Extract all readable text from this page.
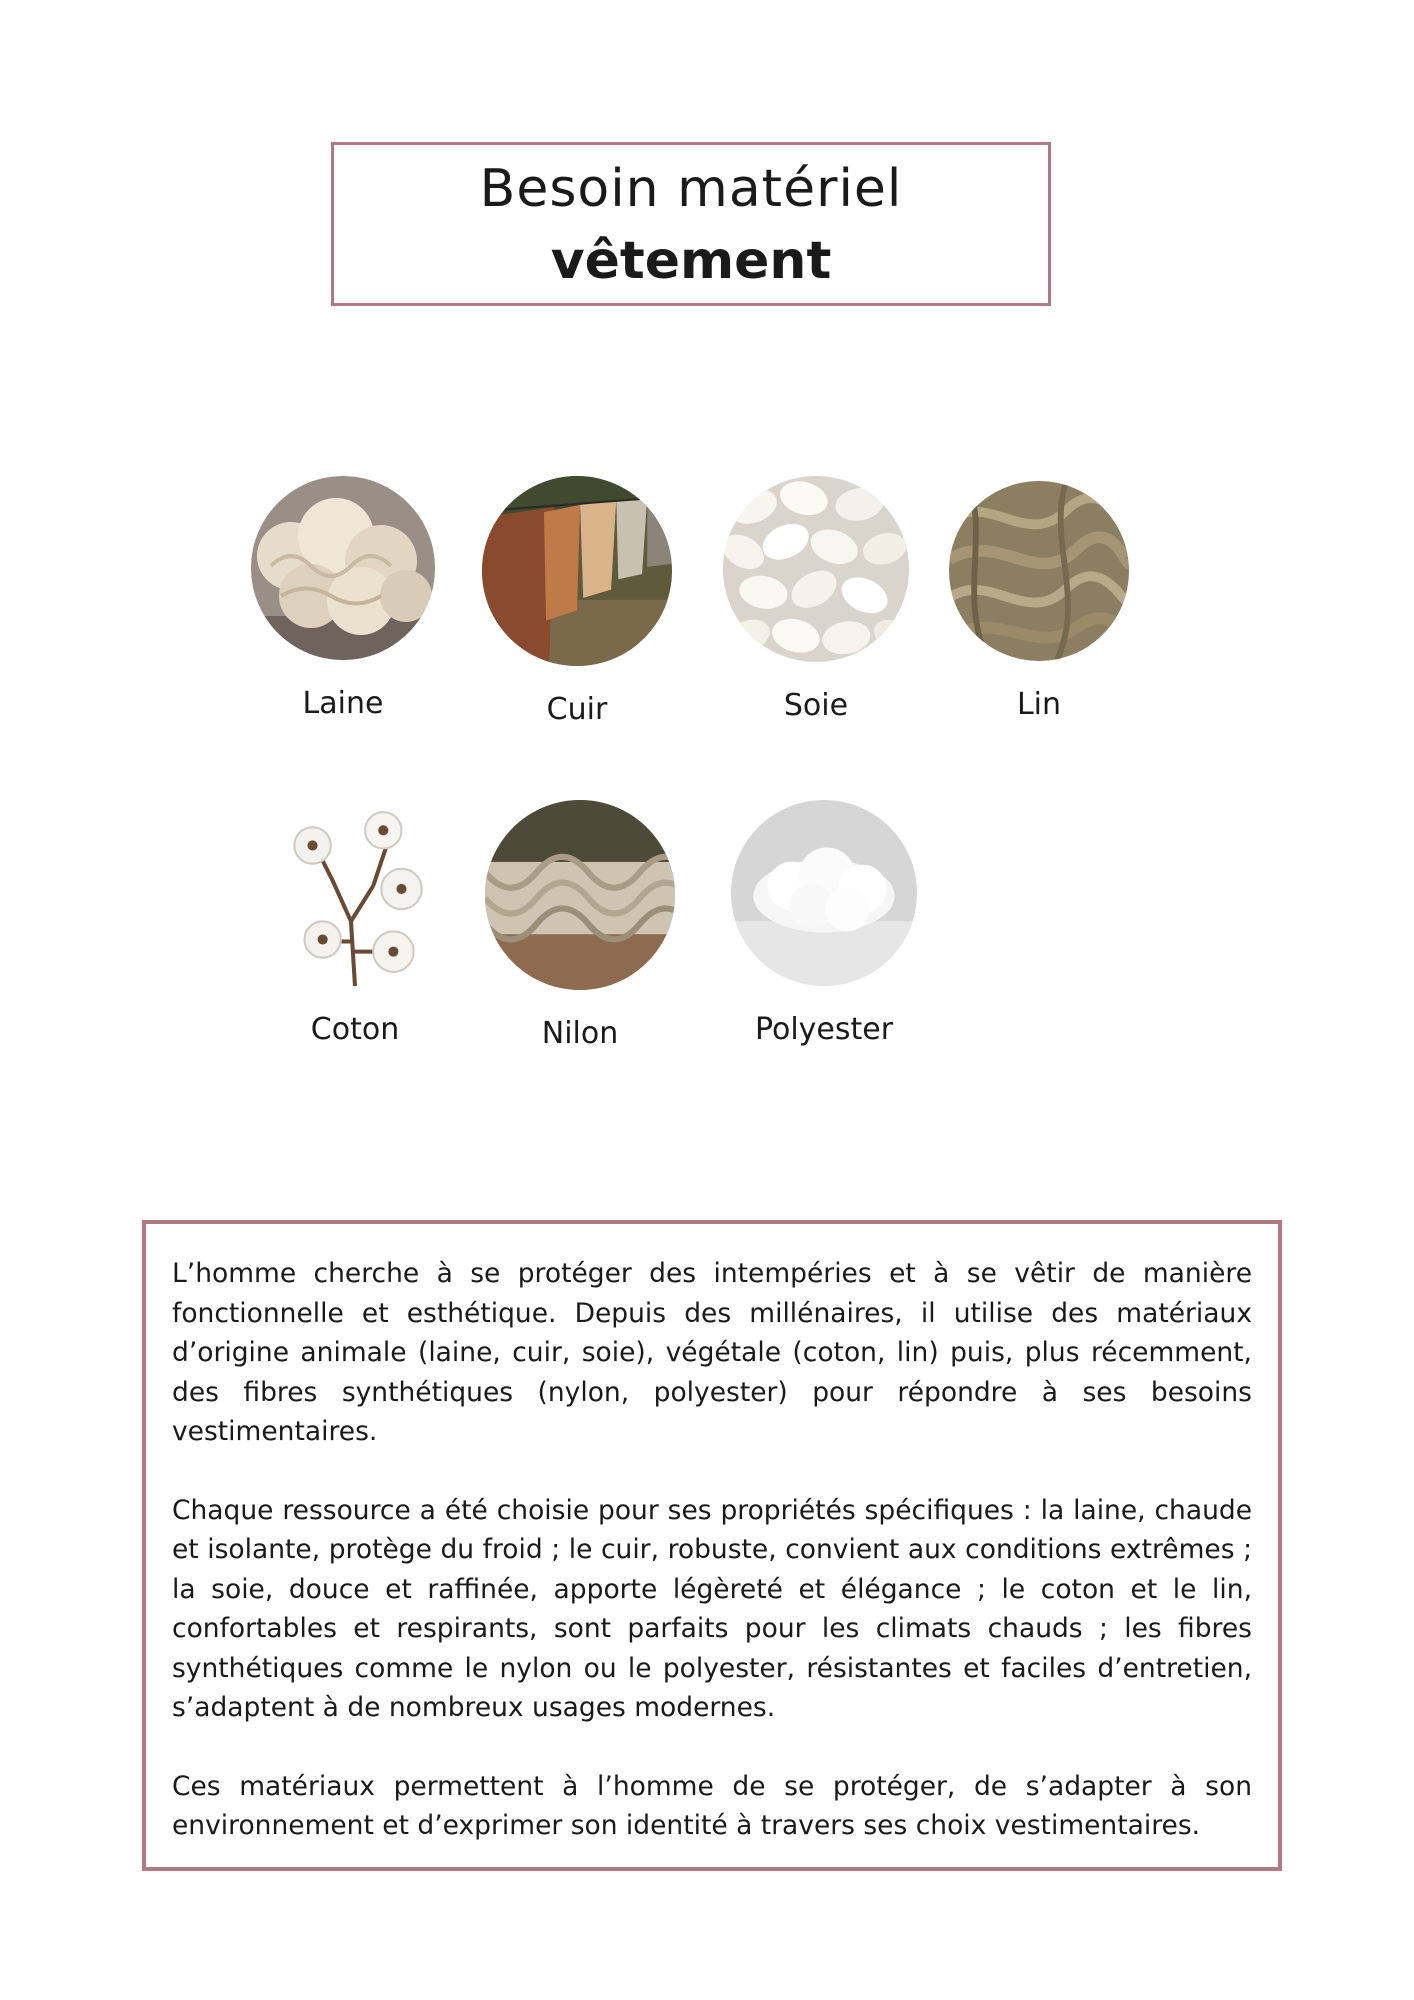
Besoin matériel
vêtement
Laine	Cuir	Soie	Lin
Coton	Nilon	Polyester

L’homme cherche à se protéger des intempéries et à se vêtir de manière fonctionnelle et esthétique. Depuis des millénaires, il utilise des matériaux d’origine animale (laine, cuir, soie), végétale (coton, lin) puis, plus récemment, des fibres synthétiques (nylon, polyester) pour répondre à ses besoins vestimentaires.

Chaque ressource a été choisie pour ses propriétés spécifiques : la laine, chaude et isolante, protège du froid ; le cuir, robuste, convient aux conditions extrêmes ; la soie, douce et raffinée, apporte légèreté et élégance ; le coton et le lin, confortables et respirants, sont parfaits pour les climats chauds ; les fibres synthétiques comme le nylon ou le polyester, résistantes et faciles d’entretien, s’adaptent à de nombreux usages modernes.

Ces matériaux permettent à l’homme de se protéger, de s’adapter à son environnement et d’exprimer son identité à travers ses choix vestimentaires.
